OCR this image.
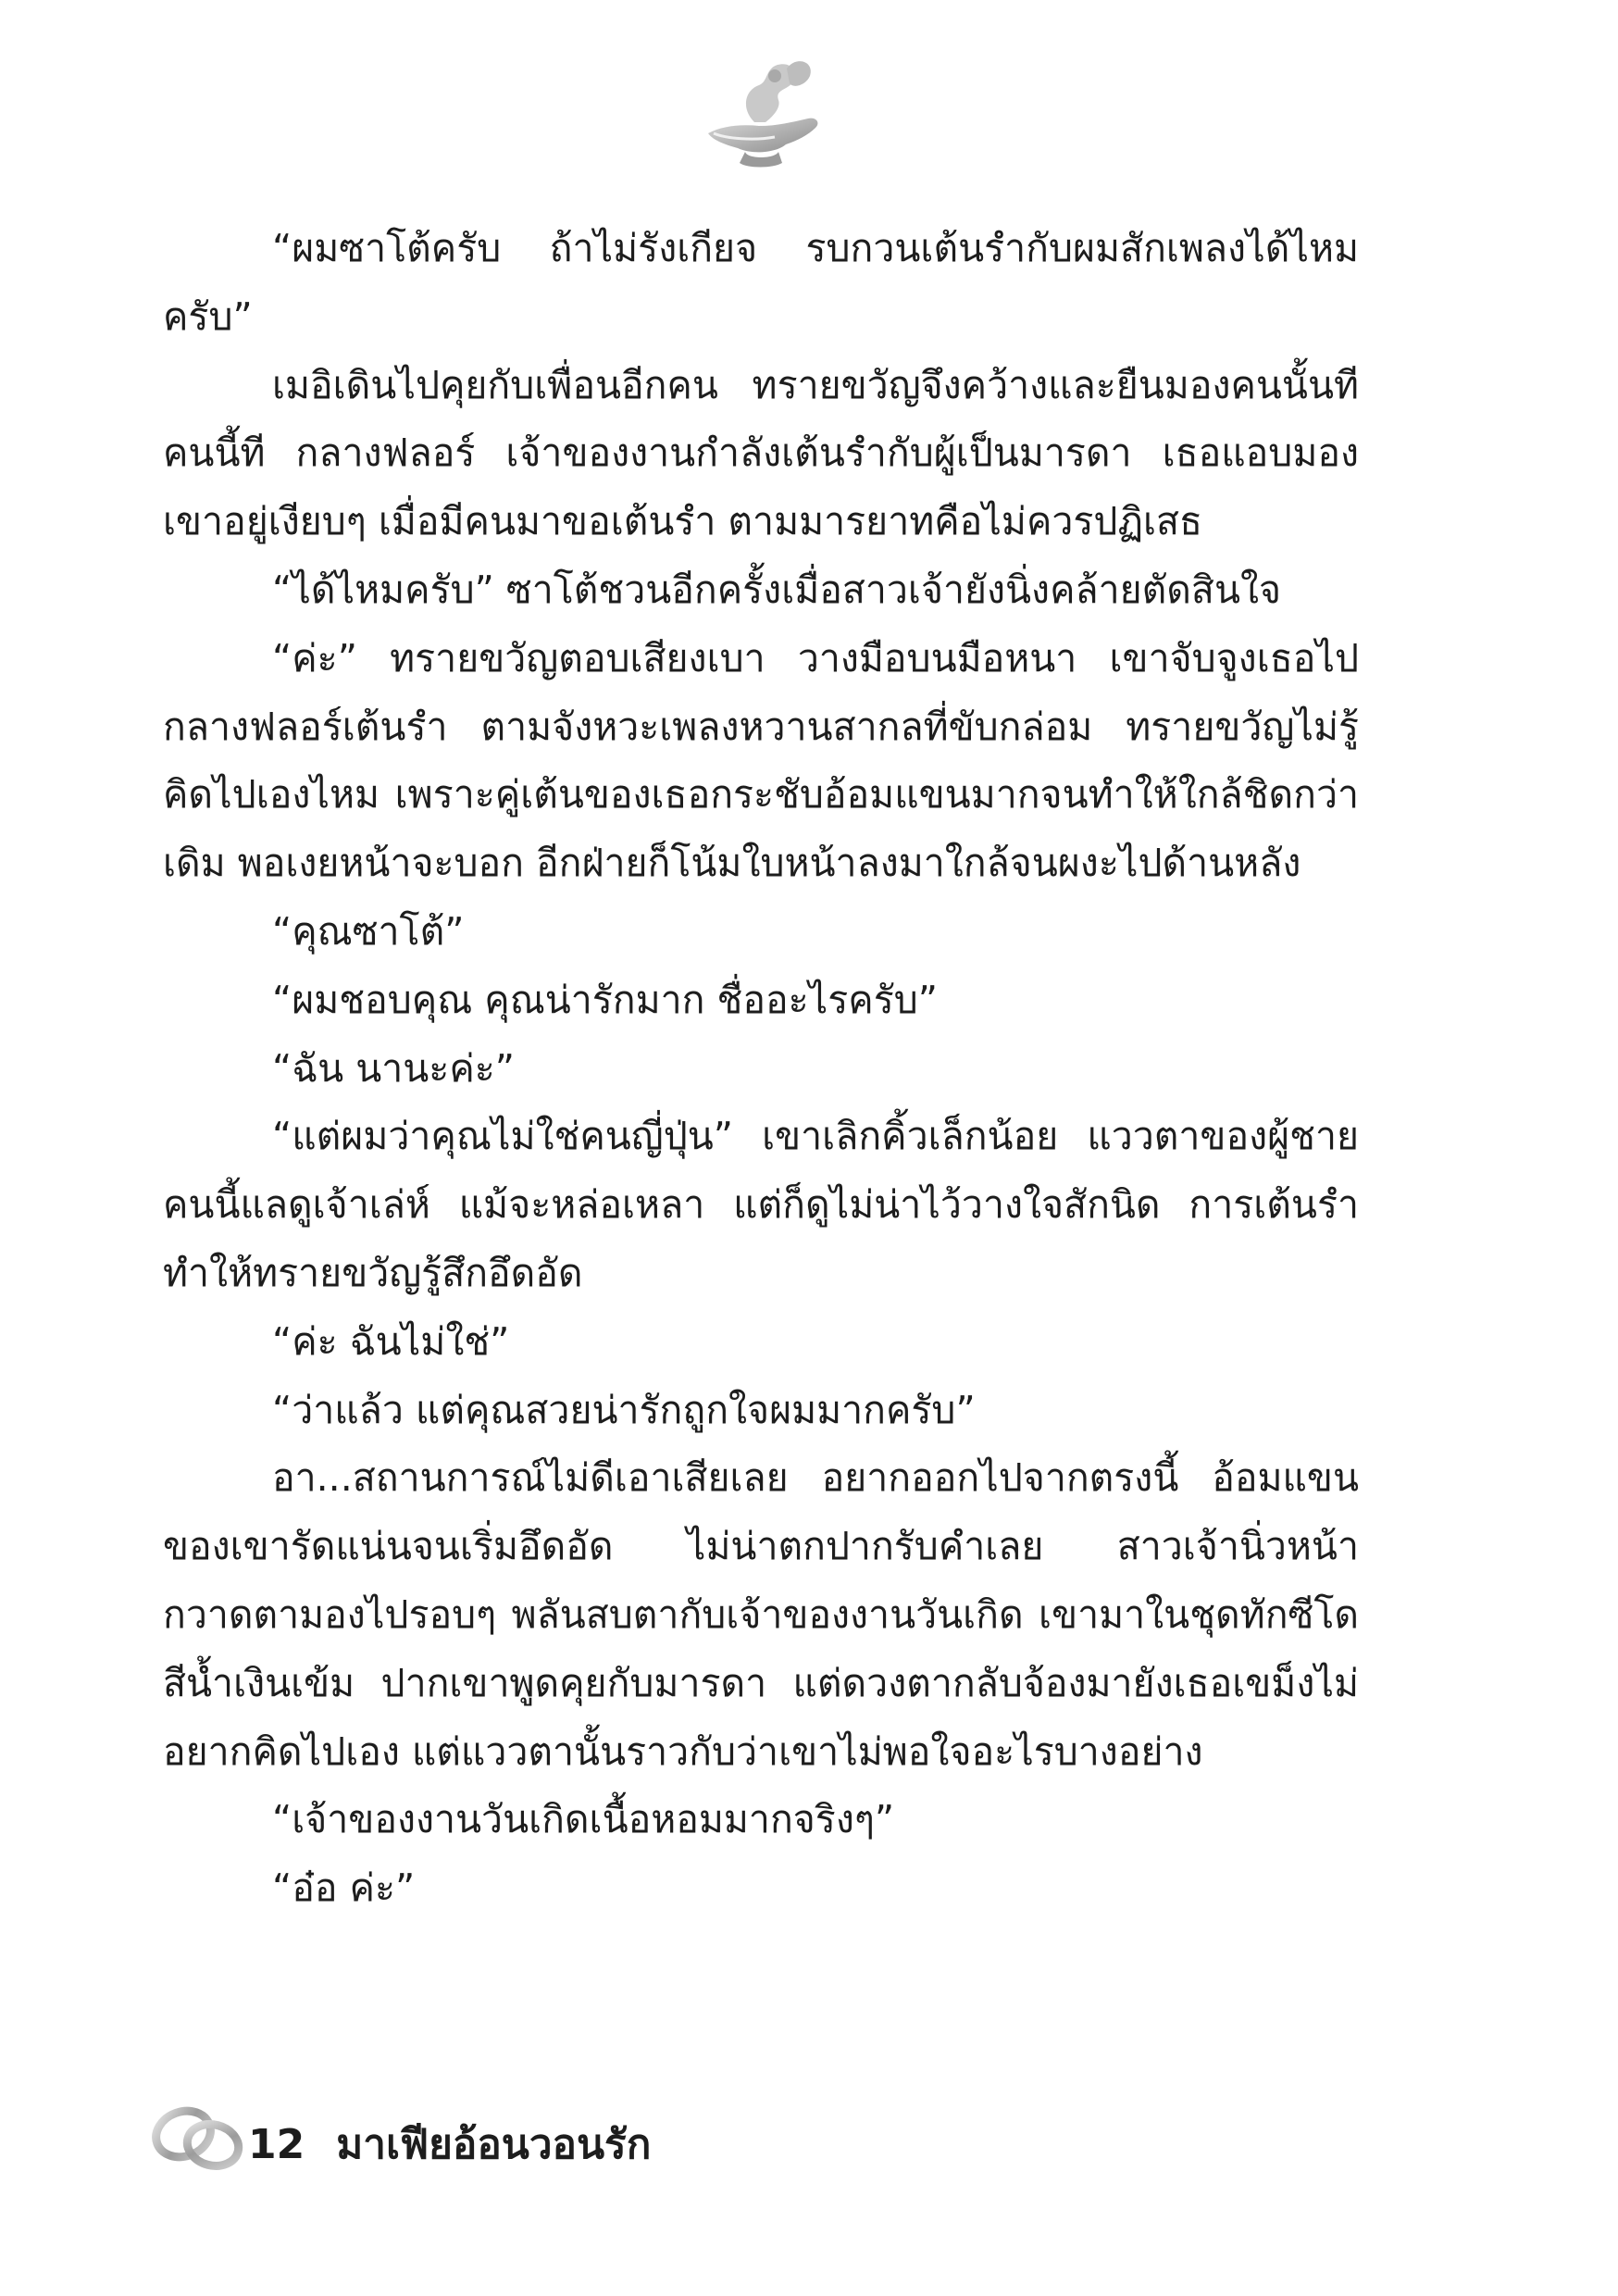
“ผมซาโต้ครับ ถ้าไม่รังเกียจ รบกวนเต้นรำกับผมสักเพลงได้ไหมครับ”

เมอิเดินไปคุยกับเพื่อนอีกคน ทรายขวัญจึงคว้างและยืนมองคนนั้นทีคนนี้ที กลางฟลอร์ เจ้าของงานกำลังเต้นรำกับผู้เป็นมารดา เธอแอบมองเขาอยู่เงียบๆ เมื่อมีคนมาขอเต้นรำ ตามมารยาทคือไม่ควรปฏิเสธ

“ได้ไหมครับ” ซาโต้ชวนอีกครั้งเมื่อสาวเจ้ายังนิ่งคล้ายตัดสินใจ

“ค่ะ” ทรายขวัญตอบเสียงเบา วางมือบนมือหนา เขาจับจูงเธอไปกลางฟลอร์เต้นรำ ตามจังหวะเพลงหวานสากลที่ขับกล่อม ทรายขวัญไม่รู้คิดไปเองไหม เพราะคู่เต้นของเธอกระชับอ้อมแขนมากจนทำให้ใกล้ชิดกว่าเดิม พอเงยหน้าจะบอก อีกฝ่ายก็โน้มใบหน้าลงมาใกล้จนผงะไปด้านหลัง

“คุณซาโต้”

“ผมชอบคุณ คุณน่ารักมาก ชื่ออะไรครับ”

“ฉัน นานะค่ะ”

“แต่ผมว่าคุณไม่ใช่คนญี่ปุ่น” เขาเลิกคิ้วเล็กน้อย แววตาของผู้ชายคนนี้แลดูเจ้าเล่ห์ แม้จะหล่อเหลา แต่ก็ดูไม่น่าไว้วางใจสักนิด การเต้นรำทำให้ทรายขวัญรู้สึกอึดอัด

“ค่ะ ฉันไม่ใช่”

“ว่าแล้ว แต่คุณสวยน่ารักถูกใจผมมากครับ”

อา...สถานการณ์ไม่ดีเอาเสียเลย อยากออกไปจากตรงนี้ อ้อมแขนของเขารัดแน่นจนเริ่มอึดอัด ไม่น่าตกปากรับคำเลย สาวเจ้านิ่วหน้ากวาดตามองไปรอบๆ พลันสบตากับเจ้าของงานวันเกิด เขามาในชุดทักซีโดสีน้ำเงินเข้ม ปากเขาพูดคุยกับมารดา แต่ดวงตากลับจ้องมายังเธอเขม็งไม่อยากคิดไปเอง แต่แววตานั้นราวกับว่าเขาไม่พอใจอะไรบางอย่าง

“เจ้าของงานวันเกิดเนื้อหอมมากจริงๆ”

“อ๋อ ค่ะ”

12 มาเฟียอ้อนวอนรัก
